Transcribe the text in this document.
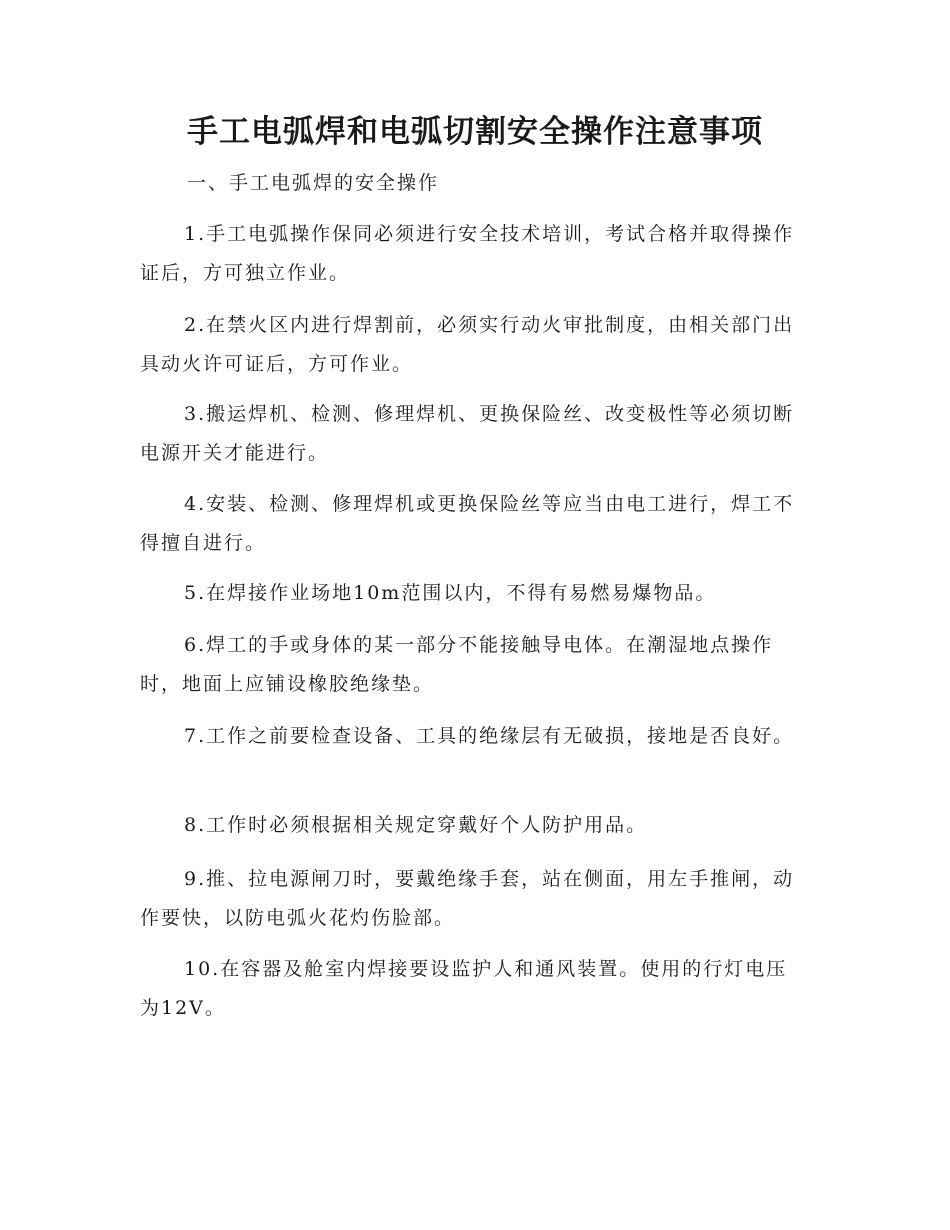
手工电弧焊和电弧切割安全操作注意事项

一、手工电弧焊的安全操作

1.手工电弧操作保同必须进行安全技术培训，考试合格并取得操作证后，方可独立作业。

2.在禁火区内进行焊割前，必须实行动火审批制度，由相关部门出具动火许可证后，方可作业。

3.搬运焊机、检测、修理焊机、更换保险丝、改变极性等必须切断电源开关才能进行。

4.安装、检测、修理焊机或更换保险丝等应当由电工进行，焊工不得擅自进行。

5.在焊接作业场地10m范围以内，不得有易燃易爆物品。

6.焊工的手或身体的某一部分不能接触导电体。在潮湿地点操作时，地面上应铺设橡胶绝缘垫。

7.工作之前要检查设备、工具的绝缘层有无破损，接地是否良好。

8.工作时必须根据相关规定穿戴好个人防护用品。

9.推、拉电源闸刀时，要戴绝缘手套，站在侧面，用左手推闸，动作要快，以防电弧火花灼伤脸部。

10.在容器及舱室内焊接要设监护人和通风装置。使用的行灯电压为12V。
